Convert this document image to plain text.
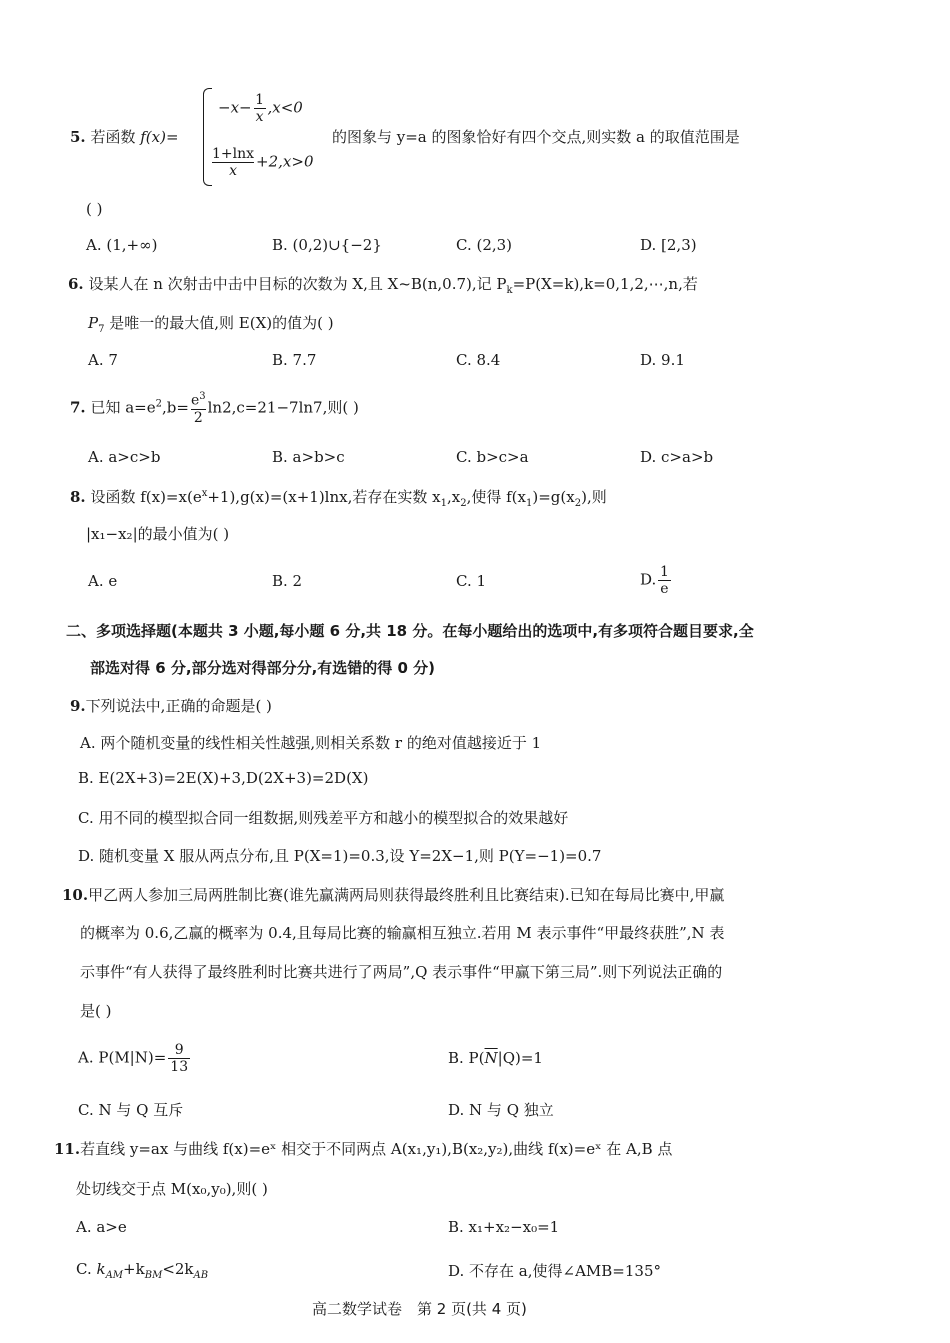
5. 若函数 f(x)=
$-x- \frac{1}{x} ,x<0$
$\frac{1+\ln x}{x} +2,x>0$
的图象与 y=a 的图象恰好有四个交点,则实数 a 的取值范围是
( )
A. (1,+∞)	B. (0,2)∪{−2}	C. (2,3)	D. [2,3)
6. 设某人在 n 次射击中击中目标的次数为 X,且 X~B(n,0.7),记 $P_k=P(X=k),k=0,1,2,\cdots,n$,若
$P_7$ 是唯一的最大值,则 E(X)的值为( )
A. 7	B. 7.7	C. 8.4	D. 9.1
7. 已知 $a=e^2,b= \frac{e^3}{2} \ln 2,c=21-7\ln 7$,则( )
A. a>c>b	B. a>b>c	C. b>c>a	D. c>a>b
8. 设函数 $f(x)=x(e^x+1),g(x)=(x+1)\ln x$,若存在实数 $x_1,x_2$,使得 $f(x_1)=g(x_2)$,则
|x₁−x₂|的最小值为( )
A. e	B. 2	C. 1	D. $\frac{1}{e}$
二、多项选择题(本题共 3 小题,每小题 6 分,共 18 分。在每小题给出的选项中,有多项符合题目要求,全
部选对得 6 分,部分选对得部分分,有选错的得 0 分)
9.下列说法中,正确的命题是( )
A. 两个随机变量的线性相关性越强,则相关系数 r 的绝对值越接近于 1
B. E(2X+3)=2E(X)+3,D(2X+3)=2D(X)
C. 用不同的模型拟合同一组数据,则残差平方和越小的模型拟合的效果越好
D. 随机变量 X 服从两点分布,且 P(X=1)=0.3,设 Y=2X−1,则 P(Y=−1)=0.7
10.甲乙两人参加三局两胜制比赛(谁先赢满两局则获得最终胜利且比赛结束).已知在每局比赛中,甲赢
的概率为 0.6,乙赢的概率为 0.4,且每局比赛的输赢相互独立.若用 M 表示事件“甲最终获胜”,N 表
示事件“有人获得了最终胜利时比赛共进行了两局”,Q 表示事件“甲赢下第三局”.则下列说法正确的
是( )
A. $P(M|N)= \frac{9}{13}$	B. $P(\overline{N}|Q)=1$
C. N 与 Q 互斥	D. N 与 Q 独立
11.若直线 y=ax 与曲线 f(x)=eˣ 相交于不同两点 A(x₁,y₁),B(x₂,y₂),曲线 f(x)=eˣ 在 A,B 点
处切线交于点 M(x₀,y₀),则( )
A. a>e	B. x₁+x₂−x₀=1
C. $k_{AM}+k_{BM}<2k_{AB}$	D. 不存在 a,使得∠AMB=135°
高二数学试卷　第 2 页(共 4 页)
